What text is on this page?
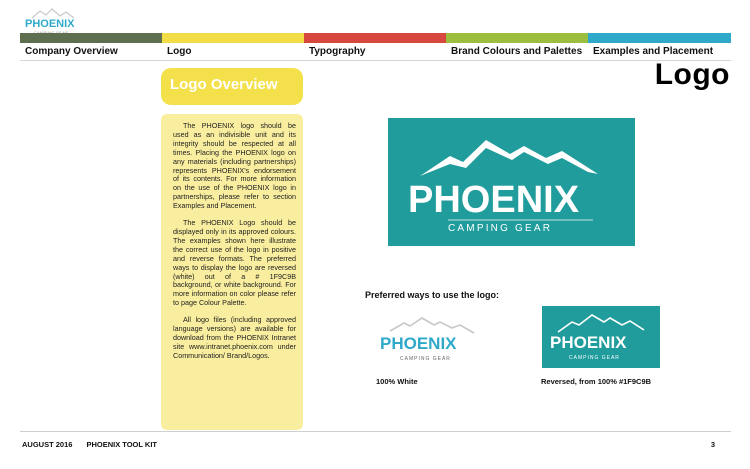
PHOENIX
Company Overview	Logo	Typography	Brand Colours and Palettes	Examples and Placement
Logo
Logo Overview

The PHOENIX logo should be used as an indivisible unit and its integrity should be respected at all times. Placing the PHOENIX logo on any materials (including partnerships) represents PHOENIX's endorsement of its contents. For more information on the use of the PHOENIX logo in partnerships, please refer to section Examples and Placement.

The PHOENIX Logo should be displayed only in its approved colours. The examples shown here illustrate the correct use of the logo in positive and reverse formats. The preferred ways to display the logo are reversed (white) out of a # 1F9C9B background, or white background. For more information on color please refer to page Colour Palette.

All logo files (including approved language versions) are available for download from the PHOENIX Intranet site www.intranet.phoenix.com under Communication/ Brand/Logos.

PHOENIX
CAMPING GEAR
Preferred ways to use the logo:
PHOENIX
CAMPING GEAR
PHOENIX
CAMPING GEAR
100% White	Reversed, from 100% #1F9C9B
AUGUST 2016 PHOENIX TOOL KIT	3
